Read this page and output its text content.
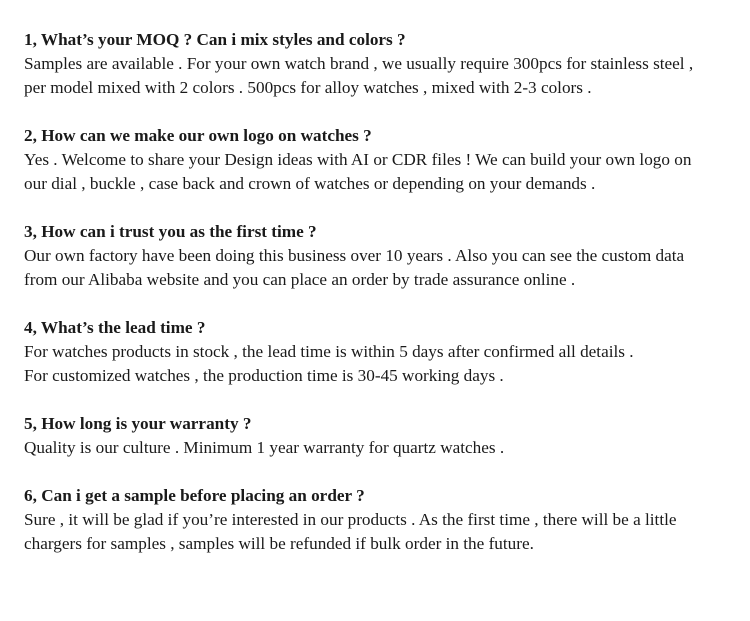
1, What’s your MOQ ? Can i mix styles and colors ?
Samples are available . For your own watch brand , we usually require 300pcs for stainless steel ,
per model mixed with 2 colors . 500pcs for alloy watches , mixed with 2-3 colors .
2, How can we make our own logo on watches ?
Yes . Welcome to share your Design ideas with AI or CDR files ! We can build your own logo on
our dial , buckle , case back and crown of watches or depending on your demands .
3, How can i trust you as the first time ?
Our own factory have been doing this business over 10 years . Also you can see the custom data
from our Alibaba website and you can place an order by trade assurance online .
4, What’s the lead time ?
For watches products in stock , the lead time is within 5 days after confirmed all details .
For customized watches , the production time is 30-45 working days .
5, How long is your warranty ?
Quality is our culture . Minimum 1 year warranty for quartz watches .
6, Can i get a sample before placing an order ?
Sure , it will be glad if you’re interested in our products . As the first time , there will be a little
chargers for samples , samples will be refunded if bulk order in the future.
